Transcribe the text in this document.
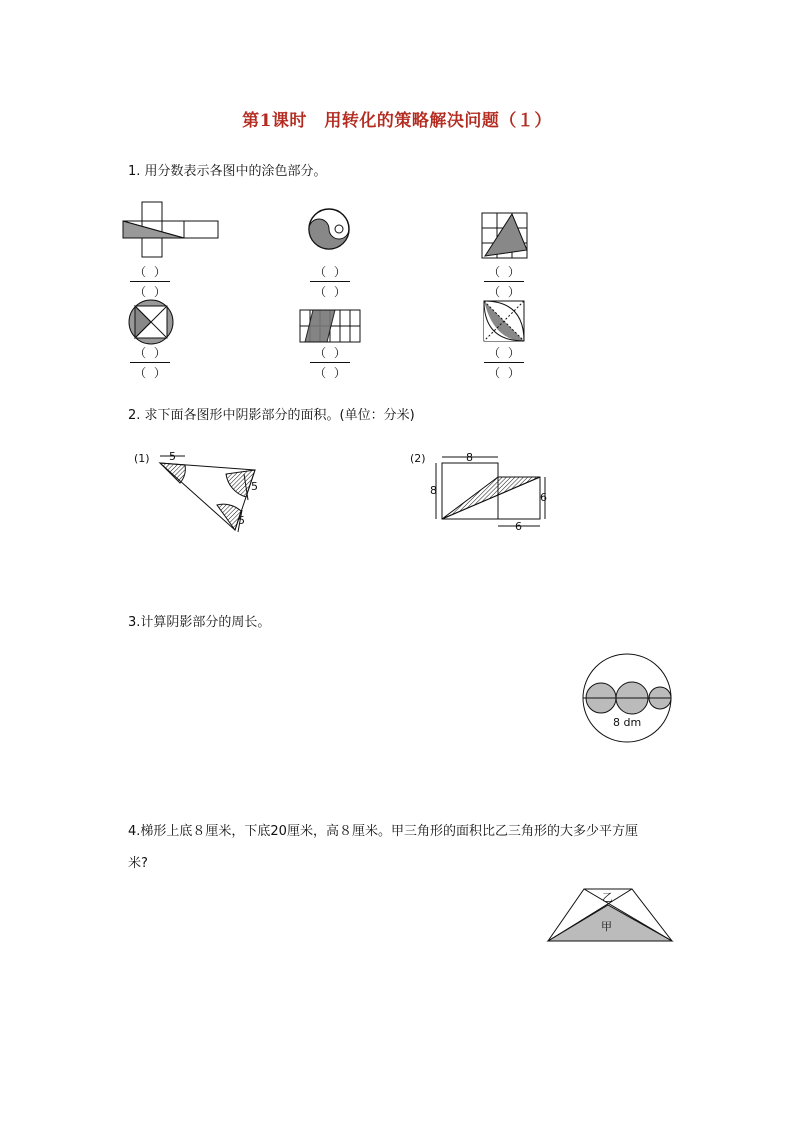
第1课时　用转化的策略解决问题（１）
1. 用分数表示各图中的涂色部分。
（ ）
（ ）
（ ）
（ ）
（ ）
（ ）
（ ）
（ ）
（ ）
（ ）
（ ）
（ ）
2. 求下面各图形中阴影部分的面积。(单位：分米)
(1) 5
5
5
(2)	8
8
6
6
3.计算阴影部分的周长。
8 dm
4.梯形上底８厘米，下底20厘米，高８厘米。甲三角形的面积比乙三角形的大多少平方厘
米?
乙
甲
